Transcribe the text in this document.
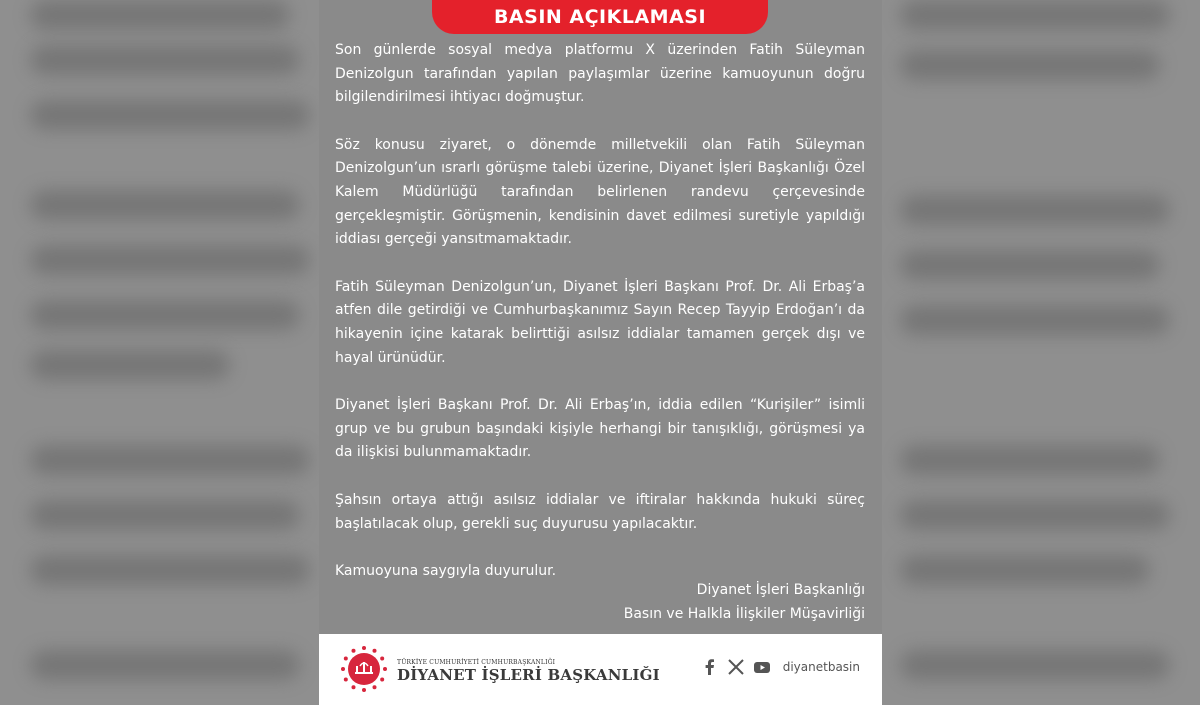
BASIN AÇIKLAMASI

Son günlerde sosyal medya platformu X üzerinden Fatih Süleyman Denizolgun tarafından yapılan paylaşımlar üzerine kamuoyunun doğru bilgilendirilmesi ihtiyacı doğmuştur.

Söz konusu ziyaret, o dönemde milletvekili olan Fatih Süleyman Denizolgun’un ısrarlı görüşme talebi üzerine, Diyanet İşleri Başkanlığı Özel Kalem Müdürlüğü tarafından belirlenen randevu çerçevesinde gerçekleşmiştir. Görüşmenin, kendisinin davet edilmesi suretiyle yapıldığı iddiası gerçeği yansıtmamaktadır.

Fatih Süleyman Denizolgun’un, Diyanet İşleri Başkanı Prof. Dr. Ali Erbaş’a atfen dile getirdiği ve Cumhurbaşkanımız Sayın Recep Tayyip Erdoğan’ı da hikayenin içine katarak belirttiği asılsız iddialar tamamen gerçek dışı ve hayal ürünüdür.

Diyanet İşleri Başkanı Prof. Dr. Ali Erbaş’ın, iddia edilen “Kurişiler” isimli grup ve bu grubun başındaki kişiyle herhangi bir tanışıklığı, görüşmesi ya da ilişkisi bulunmamaktadır.

Şahsın ortaya attığı asılsız iddialar ve iftiralar hakkında hukuki süreç başlatılacak olup, gerekli suç duyurusu yapılacaktır.

Kamuoyuna saygıyla duyurulur.

Diyanet İşleri Başkanlığı
Basın ve Halkla İlişkiler Müşavirliği
TÜRKİYE CUMHURİYETİ CUMHURBAŞKANLIĞI
DİYANET İŞLERİ BAŞKANLIĞI	diyanetbasin
